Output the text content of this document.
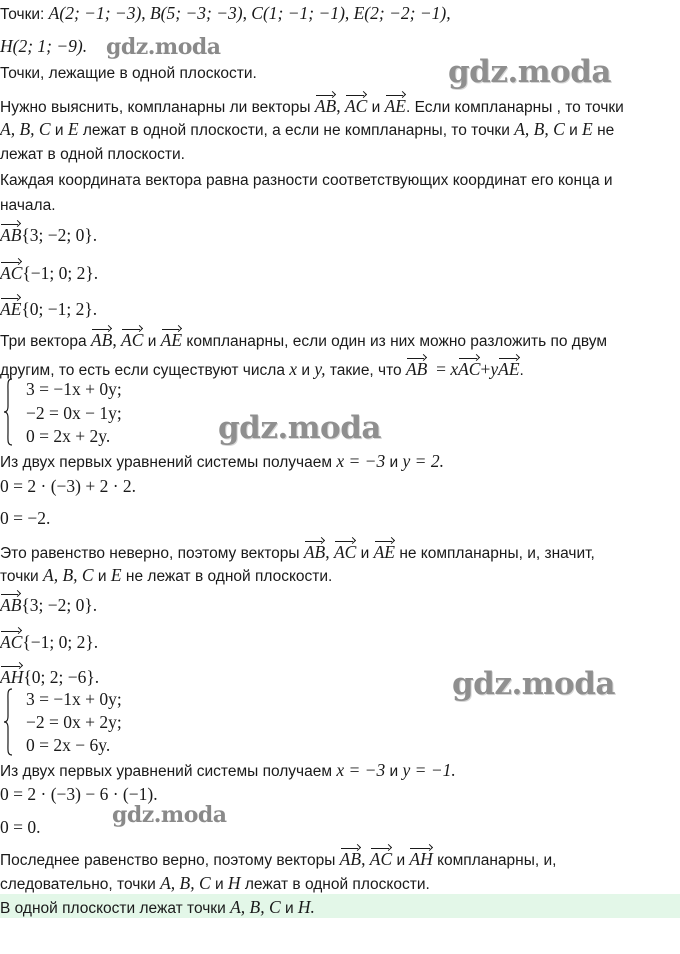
gdz.moda
gdz.moda
gdz.moda
gdz.moda
gdz.moda
Точки: A(2; −1; −3), B(5; −3; −3), C(1; −1; −1), E(2; −2; −1),
H(2; 1; −9).
Точки, лежащие в одной плоскости.
Нужно выяснить, компланарны ли векторы AB, AC и AE. Если компланарны , то точки
A, B, C и E лежат в одной плоскости, а если не компланарны, то точки A, B, C и E не
лежат в одной плоскости.
Каждая координата вектора равна разности соответствующих координат его конца и
начала.
AB{3; −2; 0}.
AC{−1; 0; 2}.
AE{0; −1; 2}.
Три вектора AB, AC и AE компланарны, если один из них можно разложить по двум
другим, то есть если существуют числа x и y, такие, что AB  = xAC+yAE.
3 = −1x + 0y;
−2 = 0x − 1y;
0 = 2x + 2y.
Из двух первых уравнений системы получаем x = −3 и y = 2.
0 = 2 · (−3) + 2 · 2.
0 = −2.
Это равенство неверно, поэтому векторы AB, AC и AE не компланарны, и, значит,
точки A, B, C и E не лежат в одной плоскости.
AB{3; −2; 0}.
AC{−1; 0; 2}.
AH{0; 2; −6}.
3 = −1x + 0y;
−2 = 0x + 2y;
0 = 2x − 6y.
Из двух первых уравнений системы получаем x = −3 и y = −1.
0 = 2 · (−3) − 6 · (−1).
0 = 0.
Последнее равенство верно, поэтому векторы AB, AC и AH компланарны, и,
следовательно, точки A, B, C и H лежат в одной плоскости.
В одной плоскости лежат точки A, B, C и H.
